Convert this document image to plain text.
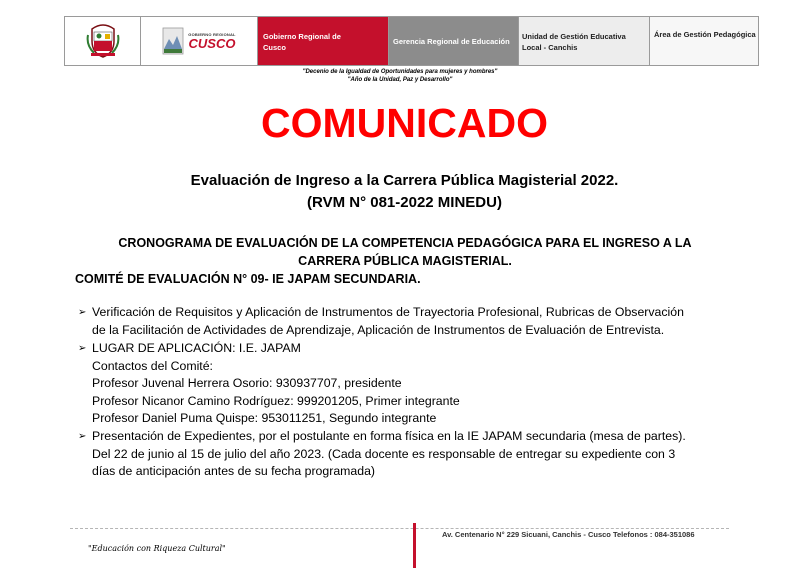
GOBIERNO REGIONAL
CUSCO	Gobierno Regional de Cusco
Gerencia Regional de Educación
Unidad de Gestión Educativa Local - Canchis
Área de Gestión Pedagógica
"Decenio de la Igualdad de Oportunidades para mujeres y hombres"
"Año de la Unidad, Paz y Desarrollo"
COMUNICADO
Evaluación de Ingreso a la Carrera Pública Magisterial 2022.
(RVM N° 081-2022 MINEDU)
CRONOGRAMA DE EVALUACIÓN DE LA COMPETENCIA PEDAGÓGICA PARA EL INGRESO A LA
CARRERA PÚBLICA MAGISTERIAL.
COMITÉ DE EVALUACIÓN N° 09- IE JAPAM SECUNDARIA.
➢ Verificación de Requisitos y Aplicación de Instrumentos de Trayectoria Profesional, Rubricas de Observación
de la Facilitación de Actividades de Aprendizaje, Aplicación de Instrumentos de Evaluación de Entrevista.
➢ LUGAR DE APLICACIÓN: I.E. JAPAM
Contactos del Comité:
Profesor Juvenal Herrera Osorio: 930937707, presidente
Profesor Nicanor Camino Rodríguez: 999201205, Primer integrante
Profesor Daniel Puma Quispe: 953011251, Segundo integrante
➢ Presentación de Expedientes, por el postulante en forma física en la IE JAPAM secundaria (mesa de partes).
Del 22 de junio al 15 de julio del año 2023. (Cada docente es responsable de entregar su expediente con 3
días de anticipación antes de su fecha programada)
"Educación con Riqueza Cultural"
Av. Centenario N° 229 Sicuani, Canchis - Cusco Telefonos : 084-351086
